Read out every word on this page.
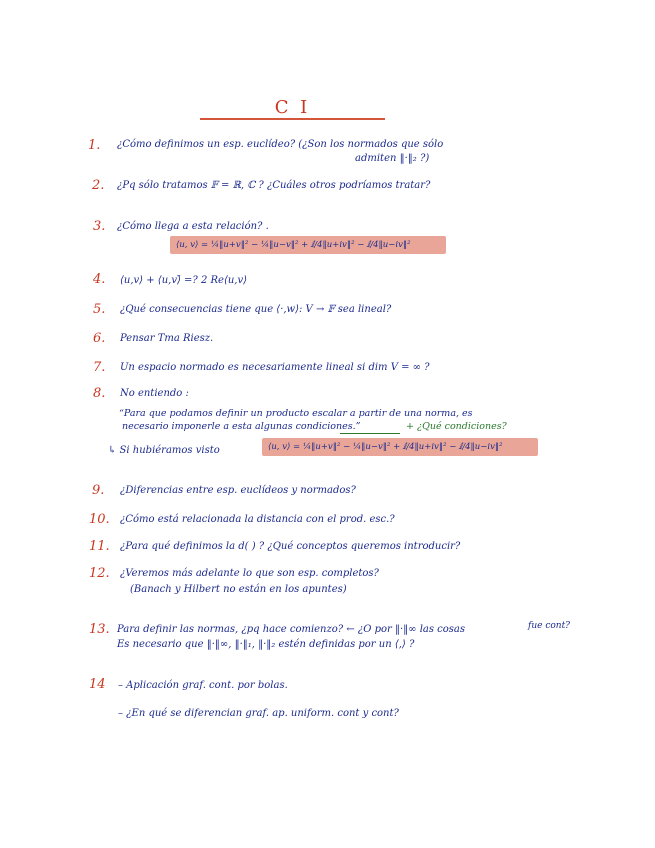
C I
1. ¿Cómo definimos un esp. euclídeo? (¿Son los normados que sólo
admiten ‖·‖₂ ?)
2. ¿Pq sólo tratamos 𝔽 = ℝ, ℂ ? ¿Cuáles otros podríamos tratar?
3. ¿Cómo llega a esta relación? .
⟨u, v⟩ = ¼‖u+v‖² − ¼‖u−v‖² + ⅈ/4‖u+iv‖² − ⅈ/4‖u−iv‖²
4. ⟨u,v⟩ + ⟨u,v⟩̄ =? 2 Re⟨u,v⟩
5. ¿Qué consecuencias tiene que ⟨·,w⟩: V → 𝔽 sea lineal?
6. Pensar Tma Riesz.
7. Un espacio normado es necesariamente lineal si dim V = ∞ ?
8. No entiendo :
“Para que podamos definir un producto escalar a partir de una norma, es
necesario imponerle a esta algunas condiciones.”	+ ¿Qué condiciones?
↳ Si hubiéramos visto	⟨u, v⟩ = ¼‖u+v‖² − ¼‖u−v‖² + ⅈ/4‖u+iv‖² − ⅈ/4‖u−iv‖²
9. ¿Diferencias entre esp. euclídeos y normados?
10. ¿Cómo está relacionada la distancia con el prod. esc.?
11. ¿Para qué definimos la d( ) ? ¿Qué conceptos queremos introducir?
12. ¿Veremos más adelante lo que son esp. completos?
(Banach y Hilbert no están en los apuntes)
13. Para definir las normas, ¿pq hace comienzo? ← ¿O por ‖·‖∞ las cosas
Es necesario que ‖·‖∞, ‖·‖₁, ‖·‖₂ estén definidas por un ⟨,⟩ ?
fue cont?
14 – Aplicación graf. cont. por bolas.
– ¿En qué se diferencian graf. ap. uniform. cont y cont?
